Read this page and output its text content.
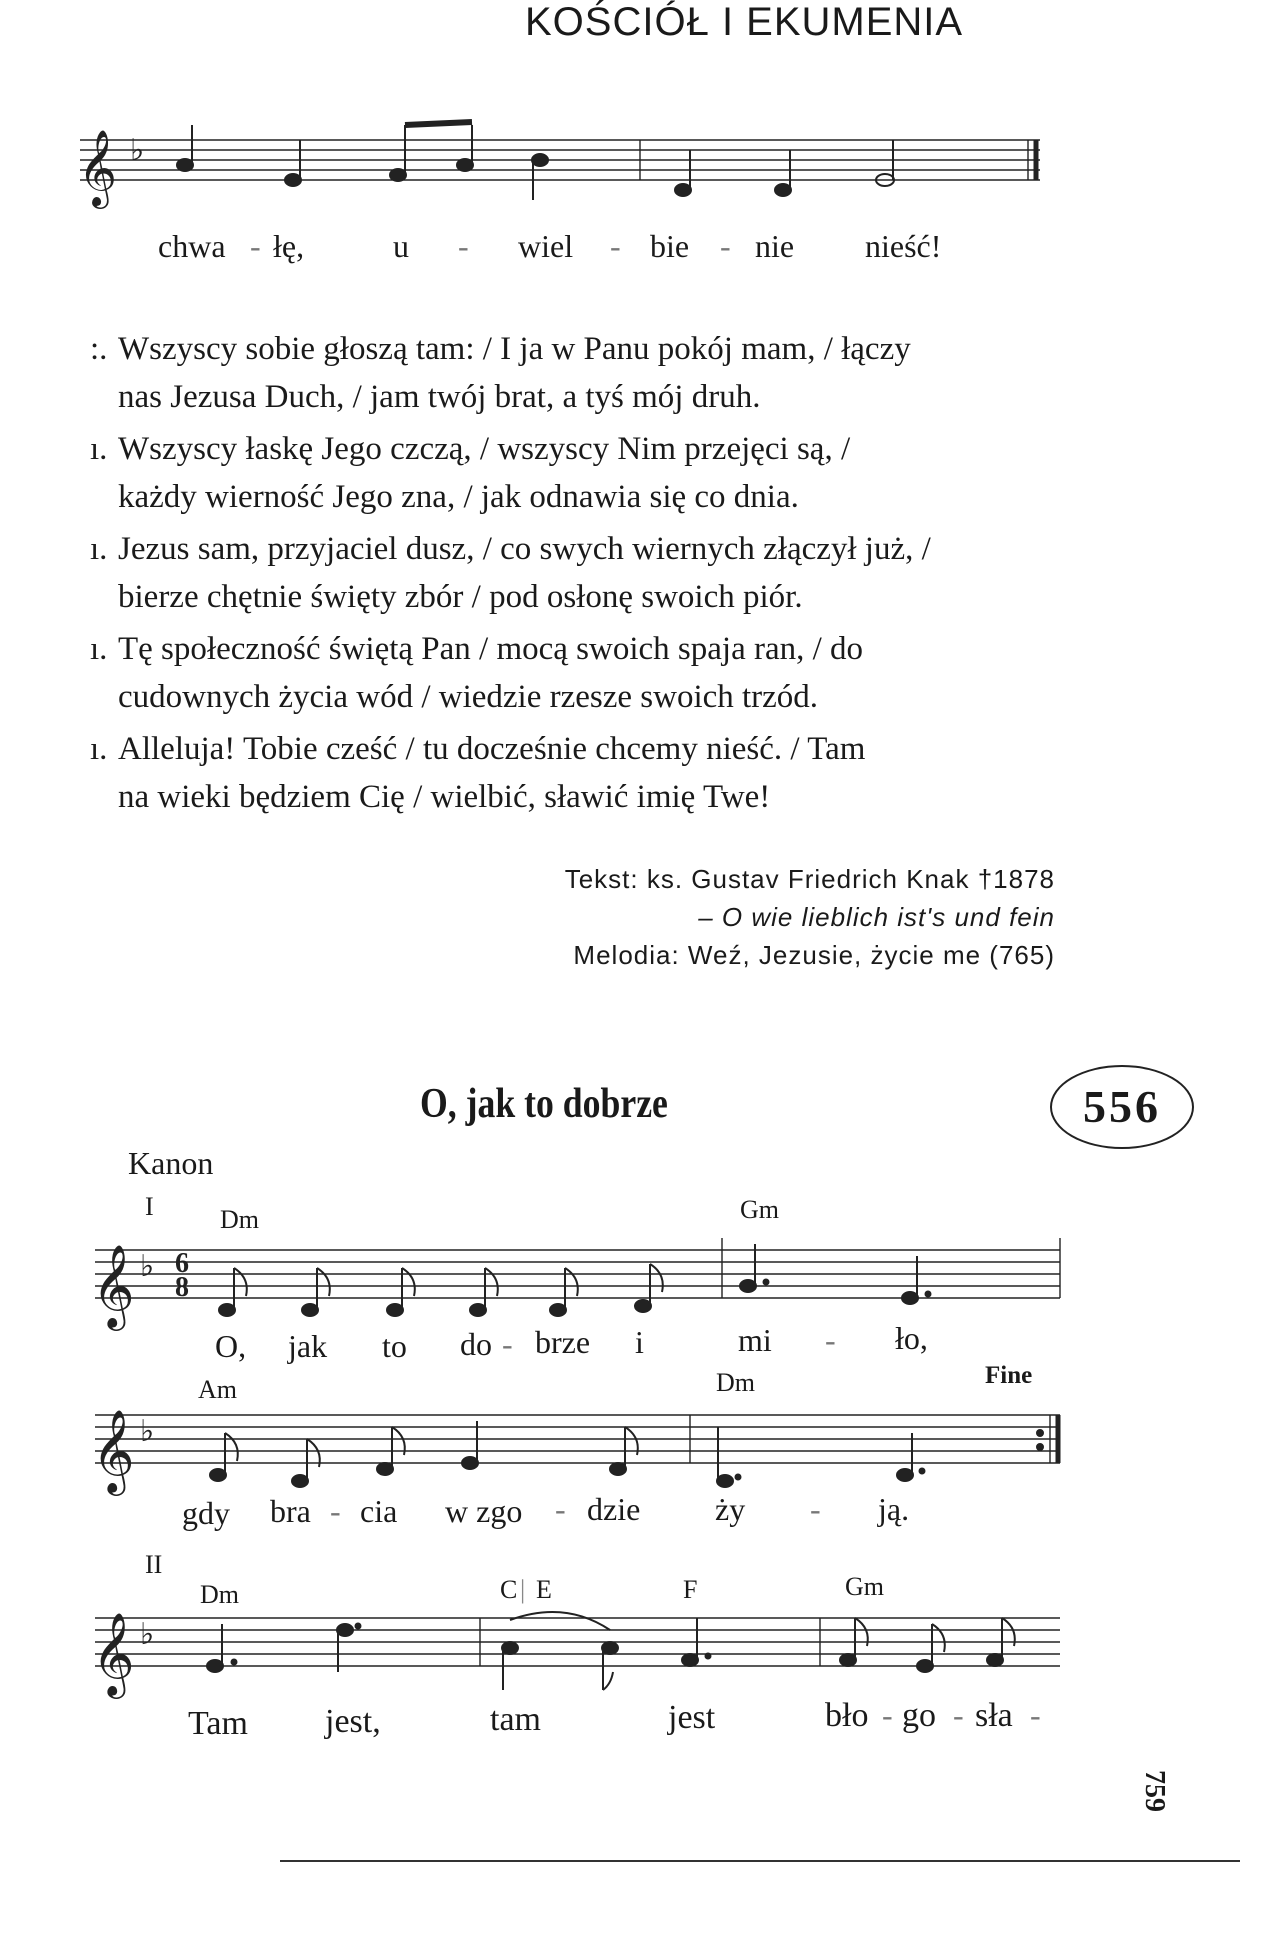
KOŚCIÓŁ I EKUMENIA
𝄞 ♭
𝄞 ♭
𝄞 ♭
𝄞 ♭
6
8
chwa - łę,	u - wiel - bie - nie nieść!
:. Wszyscy sobie głoszą tam: / I ja w Panu pokój mam, / łączy
nas Jezusa Duch, / jam twój brat, a tyś mój druh.
ı. Wszyscy łaskę Jego czczą, / wszyscy Nim przejęci są, /
każdy wierność Jego zna, / jak odnawia się co dnia.
ı. Jezus sam, przyjaciel dusz, / co swych wiernych złączył już, /
bierze chętnie święty zbór / pod osłonę swoich piór.
ı. Tę społeczność świętą Pan / mocą swoich spaja ran, / do
cudownych życia wód / wiedzie rzesze swoich trzód.
ı. Alleluja! Tobie cześć / tu docześnie chcemy nieść. / Tam
na wieki będziem Cię / wielbić, sławić imię Twe!
Tekst: ks. Gustav Friedrich Knak †1878
– O wie lieblich ist's und fein
Melodia: Weź, Jezusie, życie me (765)
O, jak to dobrze	556
Kanon
I
II
Fine
Dm	Gm
Am	Dm
Dm	C | E	F	Gm
O, jak to do - brze i	mi - ło,
gdy bra - cia w zgo - dzie ży - ją.
Tam jest,	tam	jest	bło - go - sła -
759
